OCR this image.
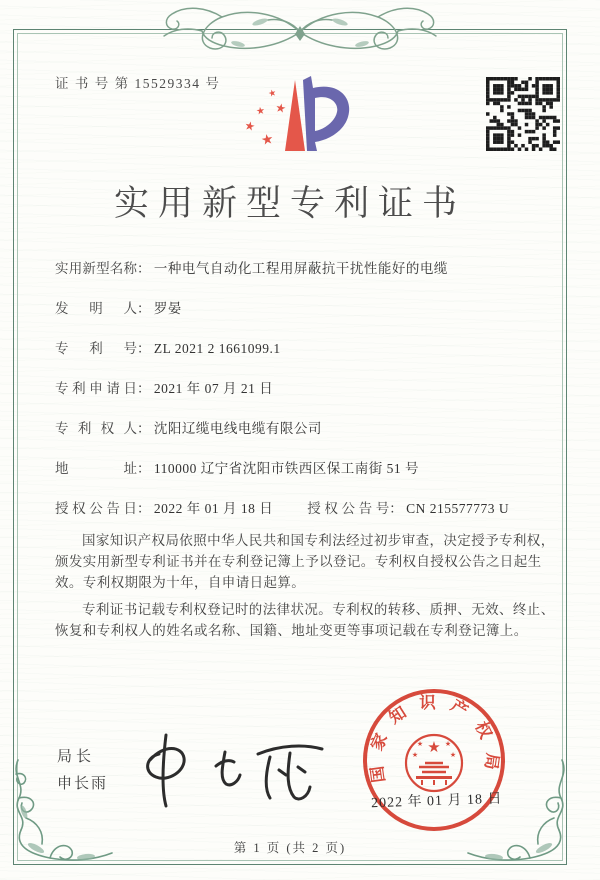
证 书 号 第 15529334 号
★
★
★
★
★
实用新型专利证书
实用新型名称： 一种电气自动化工程用屏蔽抗干扰性能好的电缆
发明人： 罗晏
专利号： ZL 2021 2 1661099.1
专利申请日： 2021 年 07 月 21 日
专利权人： 沈阳辽缆电线电缆有限公司
地址： 110000 辽宁省沈阳市铁西区保工南街 51 号
授权公告日： 2022 年 01 月 18 日	授权公告号： CN 215577773 U

国家知识产权局依照中华人民共和国专利法经过初步审查，决定授予专利权，颁发实用新型专利证书并在专利登记簿上予以登记。专利权自授权公告之日起生效。专利权期限为十年，自申请日起算。

专利证书记载专利权登记时的法律状况。专利权的转移、质押、无效、终止、恢复和专利权人的姓名或名称、国籍、地址变更等事项记载在专利登记簿上。

局长
申长雨
国家知识产权局
★
★	★
★	★
2022 年 01 月 18 日
第 1 页 (共 2 页)
